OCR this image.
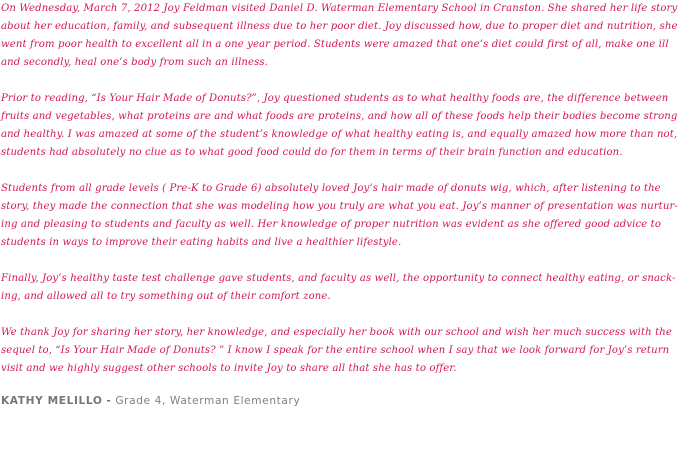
On Wednesday, March 7, 2012 Joy Feldman visited Daniel D. Waterman Elementary School in Cranston. She shared her life story
about her education, family, and subsequent illness due to her poor diet. Joy discussed how, due to proper diet and nutrition, she
went from poor health to excellent all in a one year period. Students were amazed that one’s diet could first of all, make one ill
and secondly, heal one’s body from such an illness.

Prior to reading, “Is Your Hair Made of Donuts?”, Joy questioned students as to what healthy foods are, the difference between
fruits and vegetables, what proteins are and what foods are proteins, and how all of these foods help their bodies become strong
and healthy. I was amazed at some of the student’s knowledge of what healthy eating is, and equally amazed how more than not,
students had absolutely no clue as to what good food could do for them in terms of their brain function and education.

Students from all grade levels ( Pre-K to Grade 6) absolutely loved Joy’s hair made of donuts wig, which, after listening to the
story, they made the connection that she was modeling how you truly are what you eat. Joy’s manner of presentation was nurtur-
ing and pleasing to students and faculty as well. Her knowledge of proper nutrition was evident as she offered good advice to
students in ways to improve their eating habits and live a healthier lifestyle.

Finally, Joy’s healthy taste test challenge gave students, and faculty as well, the opportunity to connect healthy eating, or snack-
ing, and allowed all to try something out of their comfort zone.

We thank Joy for sharing her story, her knowledge, and especially her book with our school and wish her much success with the
sequel to, “Is Your Hair Made of Donuts? ” I know I speak for the entire school when I say that we look forward for Joy’s return
visit and we highly suggest other schools to invite Joy to share all that she has to offer.

KATHY MELILLO - Grade 4, Waterman Elementary
